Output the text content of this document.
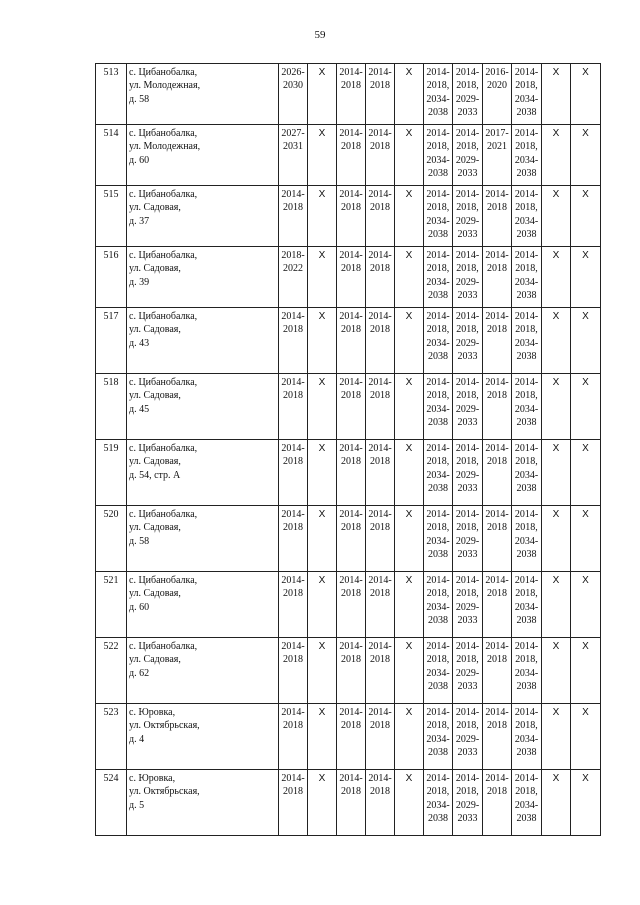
59
513	с. Цибанобалка,
ул. Молодежная,
д. 58	2026-
2030	X	2014-
2018	2014-
2018	X	2014-
2018,
2034-
2038	2014-
2018,
2029-
2033	2016-
2020	2014-
2018,
2034-
2038	X	X
514	с. Цибанобалка,
ул. Молодежная,
д. 60	2027-
2031	X	2014-
2018	2014-
2018	X	2014-
2018,
2034-
2038	2014-
2018,
2029-
2033	2017-
2021	2014-
2018,
2034-
2038	X	X
515	с. Цибанобалка,
ул. Садовая,
д. 37	2014-
2018	X	2014-
2018	2014-
2018	X	2014-
2018,
2034-
2038	2014-
2018,
2029-
2033	2014-
2018	2014-
2018,
2034-
2038	X	X
516	с. Цибанобалка,
ул. Садовая,
д. 39	2018-
2022	X	2014-
2018	2014-
2018	X	2014-
2018,
2034-
2038	2014-
2018,
2029-
2033	2014-
2018	2014-
2018,
2034-
2038	X	X
517	с. Цибанобалка,
ул. Садовая,
д. 43	2014-
2018	X	2014-
2018	2014-
2018	X	2014-
2018,
2034-
2038	2014-
2018,
2029-
2033	2014-
2018	2014-
2018,
2034-
2038	X	X
518	с. Цибанобалка,
ул. Садовая,
д. 45	2014-
2018	X	2014-
2018	2014-
2018	X	2014-
2018,
2034-
2038	2014-
2018,
2029-
2033	2014-
2018	2014-
2018,
2034-
2038	X	X
519	с. Цибанобалка,
ул. Садовая,
д. 54, стр. А	2014-
2018	X	2014-
2018	2014-
2018	X	2014-
2018,
2034-
2038	2014-
2018,
2029-
2033	2014-
2018	2014-
2018,
2034-
2038	X	X
520	с. Цибанобалка,
ул. Садовая,
д. 58	2014-
2018	X	2014-
2018	2014-
2018	X	2014-
2018,
2034-
2038	2014-
2018,
2029-
2033	2014-
2018	2014-
2018,
2034-
2038	X	X
521	с. Цибанобалка,
ул. Садовая,
д. 60	2014-
2018	X	2014-
2018	2014-
2018	X	2014-
2018,
2034-
2038	2014-
2018,
2029-
2033	2014-
2018	2014-
2018,
2034-
2038	X	X
522	с. Цибанобалка,
ул. Садовая,
д. 62	2014-
2018	X	2014-
2018	2014-
2018	X	2014-
2018,
2034-
2038	2014-
2018,
2029-
2033	2014-
2018	2014-
2018,
2034-
2038	X	X
523	с. Юровка,
ул. Октябрьская,
д. 4	2014-
2018	X	2014-
2018	2014-
2018	X	2014-
2018,
2034-
2038	2014-
2018,
2029-
2033	2014-
2018	2014-
2018,
2034-
2038	X	X
524	с. Юровка,
ул. Октябрьская,
д. 5	2014-
2018	X	2014-
2018	2014-
2018	X	2014-
2018,
2034-
2038	2014-
2018,
2029-
2033	2014-
2018	2014-
2018,
2034-
2038	X	X
